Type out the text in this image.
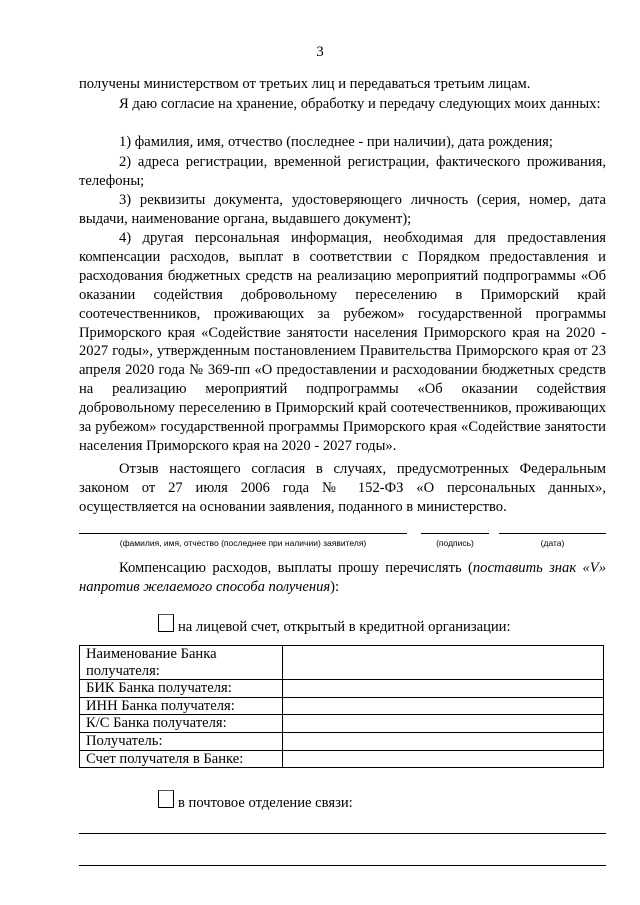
3
получены министерством от третьих лиц и передаваться третьим лицам.
Я даю согласие на хранение, обработку и передачу следующих моих данных:
1) фамилия, имя, отчество (последнее - при наличии), дата рождения;
2) адреса регистрации, временной регистрации, фактического проживания, телефоны;
3) реквизиты документа, удостоверяющего личность (серия, номер, дата выдачи, наименование органа, выдавшего документ);
4) другая персональная информация, необходимая для предоставления компенсации расходов, выплат в соответствии с Порядком предоставления и расходования бюджетных средств на реализацию мероприятий подпрограммы «Об оказании содействия добровольному переселению в Приморский край соотечественников, проживающих за рубежом» государственной программы Приморского края «Содействие занятости населения Приморского края на 2020 - 2027 годы», утвержденным постановлением Правительства Приморского края от 23 апреля 2020 года № 369-пп «О предоставлении и расходовании бюджетных средств на реализацию мероприятий подпрограммы «Об оказании содействия добровольному переселению в Приморский край соотечественников, проживающих за рубежом» государственной программы Приморского края «Содействие занятости населения Приморского края на 2020 - 2027 годы».
Отзыв настоящего согласия в случаях, предусмотренных Федеральным законом от 27 июля 2006 года № 152-ФЗ «О персональных данных», осуществляется на основании заявления, поданного в министерство.
(фамилия, имя, отчество (последнее при наличии) заявителя)	(подпись)	(дата)
Компенсацию расходов, выплаты прошу перечислять (поставить знак «V» напротив желаемого способа получения):
на лицевой счет, открытый в кредитной организации:
Наименование Банка получателя:	
БИК Банка получателя:	
ИНН Банка получателя:	
К/С Банка получателя:	
Получатель:	
Счет получателя в Банке:	
в почтовое отделение связи:
